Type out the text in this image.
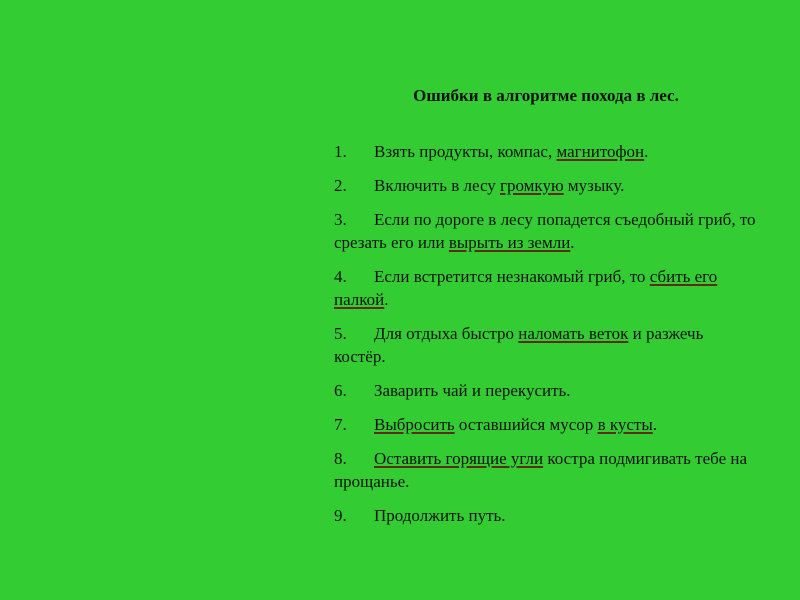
Ошибки в алгоритме похода в лес.
1. Взять продукты, компас, магнитофон.
2. Включить в лесу громкую музыку.
3. Если по дороге в лесу попадется съедобный гриб, то срезать его или вырыть из земли.
4. Если встретится незнакомый гриб, то сбить его палкой.
5. Для отдыха быстро наломать веток и разжечь костёр.
6. Заварить чай и перекусить.
7. Выбросить оставшийся мусор в кусты.
8. Оставить горящие угли костра подмигивать тебе на прощанье.
9. Продолжить путь.
